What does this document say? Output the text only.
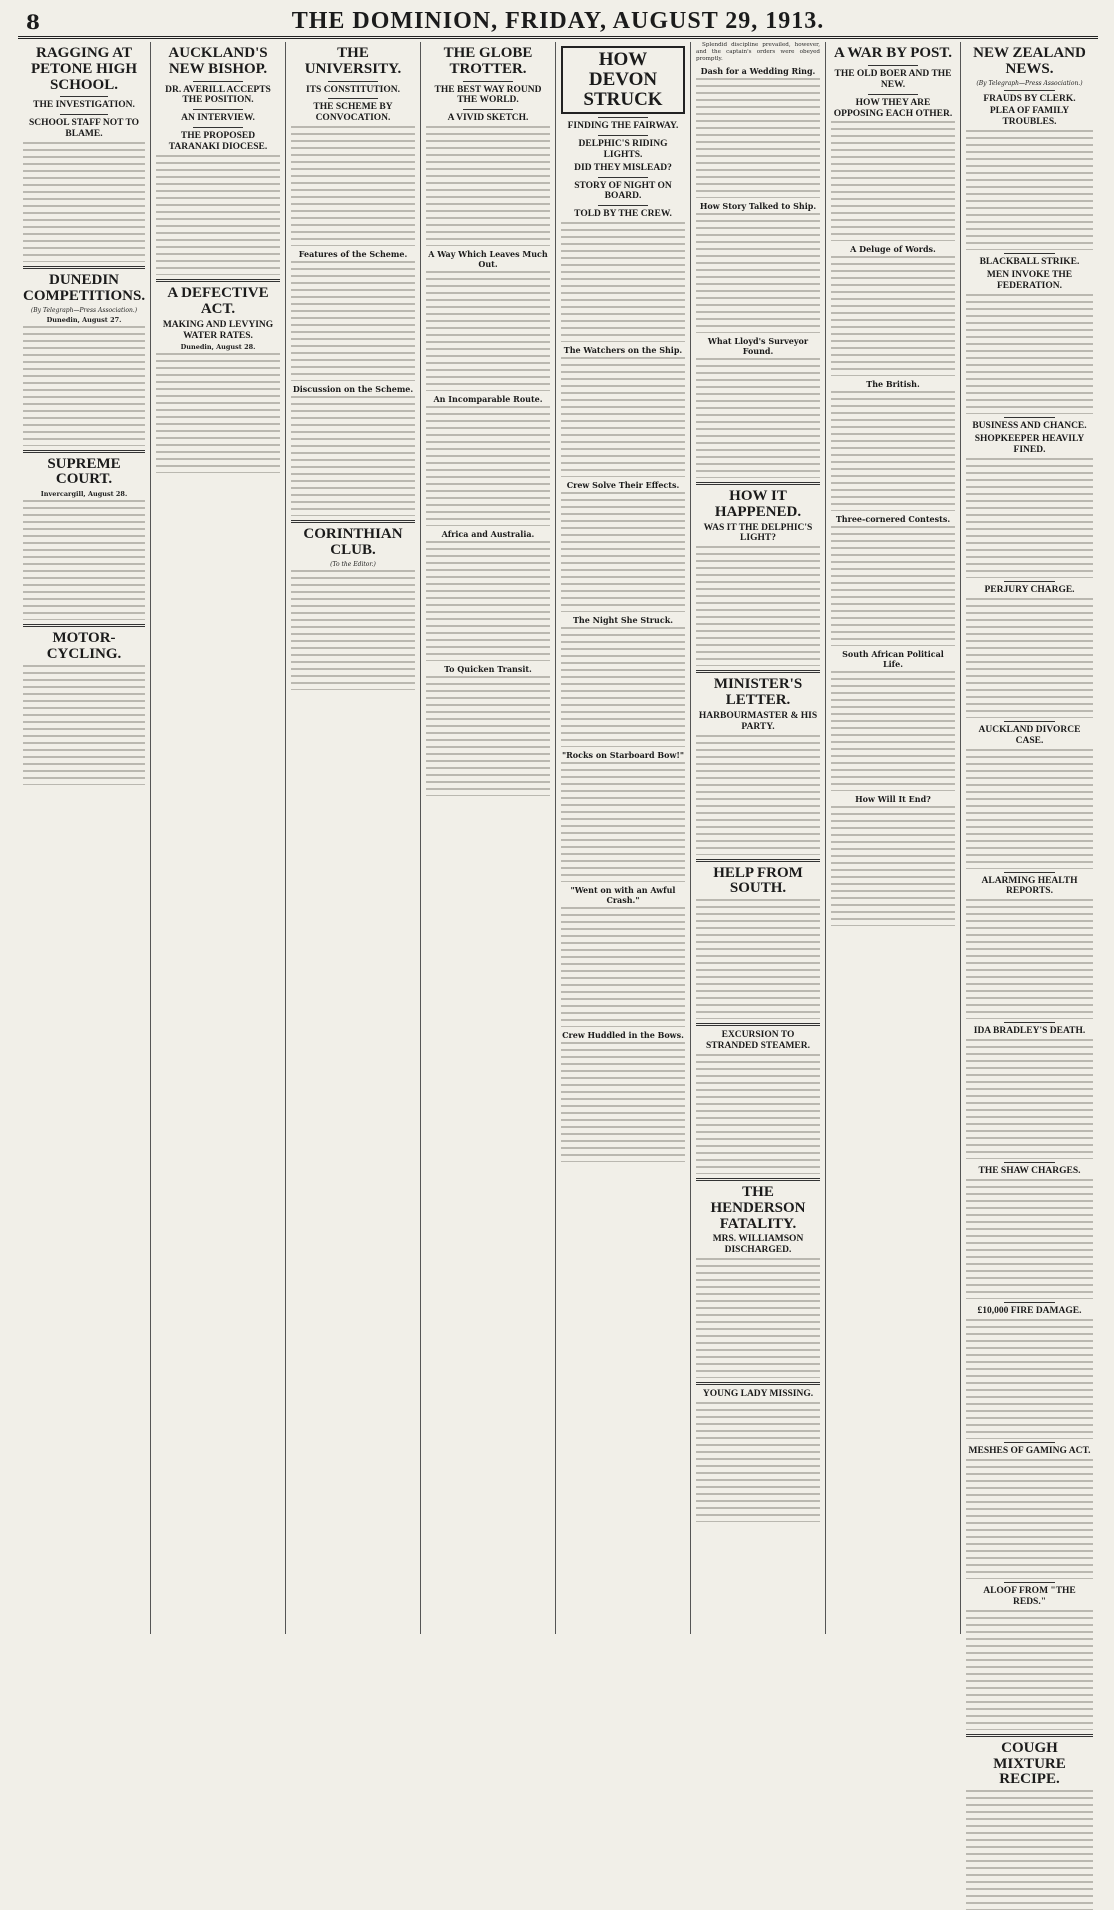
8	THE DOMINION, FRIDAY, AUGUST 29, 1913.
RAGGING AT PETONE HIGH SCHOOL.
THE INVESTIGATION.
SCHOOL STAFF NOT TO BLAME.
DUNEDIN COMPETITIONS.
(By Telegraph—Press Association.)
Dunedin, August 27.
SUPREME COURT.
Invercargill, August 28.
MOTOR-CYCLING.
AUCKLAND'S NEW BISHOP.
DR. AVERILL ACCEPTS THE POSITION.
AN INTERVIEW.
THE PROPOSED TARANAKI DIOCESE.
A DEFECTIVE ACT.
MAKING AND LEVYING WATER RATES.
Dunedin, August 28.
THE UNIVERSITY.
ITS CONSTITUTION.
THE SCHEME BY CONVOCATION.
Features of the Scheme.
Discussion on the Scheme.
CORINTHIAN CLUB.
(To the Editor.)
THE GLOBE TROTTER.
THE BEST WAY ROUND THE WORLD.
A VIVID SKETCH.
A Way Which Leaves Much Out.
An Incomparable Route.
Africa and Australia.
To Quicken Transit.
HOW DEVON STRUCK
FINDING THE FAIRWAY.
DELPHIC'S RIDING LIGHTS.
DID THEY MISLEAD?
STORY OF NIGHT ON BOARD.
TOLD BY THE CREW.
The Watchers on the Ship.
Crew Solve Their Effects.
The Night She Struck.
"Rocks on Starboard Bow!"
"Went on with an Awful Crash."
Crew Huddled in the Bows.

Splendid discipline prevailed, however, and the captain's orders were obeyed promptly.

Dash for a Wedding Ring.
How Story Talked to Ship.
What Lloyd's Surveyor Found.
HOW IT HAPPENED.
WAS IT THE DELPHIC'S LIGHT?
MINISTER'S LETTER.
HARBOURMASTER & HIS PARTY.
HELP FROM SOUTH.
EXCURSION TO STRANDED STEAMER.
THE HENDERSON FATALITY.
MRS. WILLIAMSON DISCHARGED.
YOUNG LADY MISSING.
A WAR BY POST.
THE OLD BOER AND THE NEW.
HOW THEY ARE OPPOSING EACH OTHER.
A Deluge of Words.
The British.
Three-cornered Contests.
South African Political Life.
How Will It End?
NEW ZEALAND NEWS.
(By Telegraph—Press Association.)
FRAUDS BY CLERK.
PLEA OF FAMILY TROUBLES.
BLACKBALL STRIKE.
MEN INVOKE THE FEDERATION.
BUSINESS AND CHANCE.
SHOPKEEPER HEAVILY FINED.
PERJURY CHARGE.
AUCKLAND DIVORCE CASE.
ALARMING HEALTH REPORTS.
IDA BRADLEY'S DEATH.
THE SHAW CHARGES.
£10,000 FIRE DAMAGE.
MESHES OF GAMING ACT.
ALOOF FROM "THE REDS."
COUGH MIXTURE RECIPE.
